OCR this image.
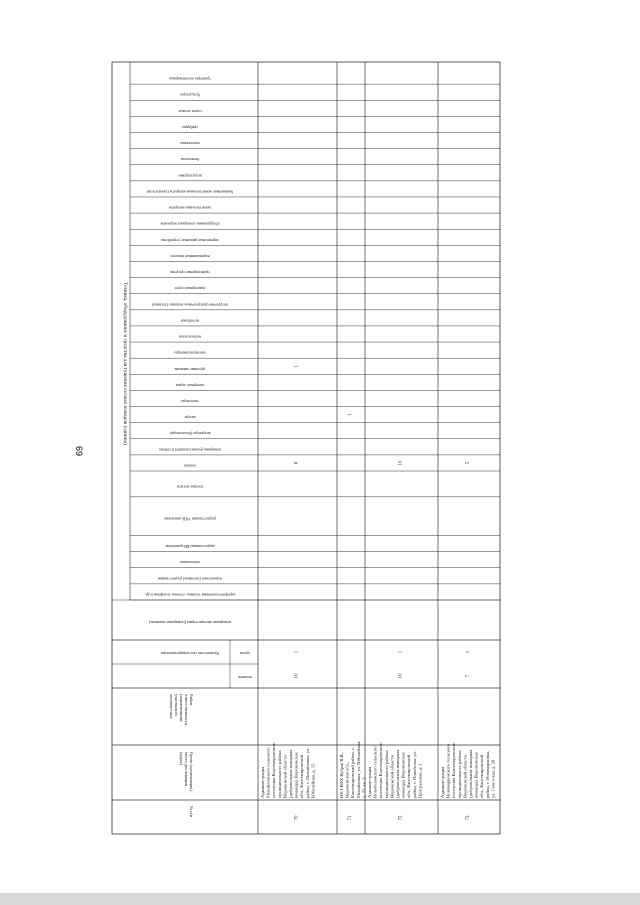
69
Техника, оборудование и средства для тушения лесных пожаров (единиц)
тракторы лесопожарные
бульдозеры
плуги лесные
грейдеры
мотопомпы
бензопилы
воздуходувки
бензиновые зажигательные аппараты (зажигатели)
зажигательные аппараты
оборудование пожарных водоемов
переносные ранцевые устройства
водоналивные емкости
транспортные средства
тракторные плуги
погрузочно-разгрузочные машины (техника)
мотоблоки
мотокосилки
мотокультиваторы
грузовые машины
моторные лодки
снегоходы
катера
вездеходы (болотоходы)
пожарные рукава (шланги) и стволы
лопаты
топоры-мотыги
радиостанции УКВ-диапазона
радиостанции КВ-диапазона
мотопомпы
переносные (носимые) радиостанции
аэрофотосъемочная техника, сотовые телефоны и др.
пожарные автоцистерны (пожарные машины)
Количество сил пожаротушения	групп
человек
Район
ответственности
(наименование
участкового
лесничества)
Орган (организация),
место дислокации
(адрес)
№ п/п
70
Администрация Михайловского сельского поселения Кантемировского муниципального района Воронежской области (добровольная пожарная команда), Воронежская обл., Кантемировский район, с. Михайловка, ул. Юбилейная, д. 15
10
1
1
6
71
ИП ГКФХ Кубрак В.В., Воронежская обл., Кантемировский район, с. Михайловка, ул. Юбилейная, д. 27, кв. 2
1
72
Администрация Новобелянского сельского поселения Кантемировского муниципального района Воронежской области (добровольная пожарная команда), Воронежская обл., Кантемировский район, с. Новобелая, ул. Центральная, д. 1
10
1
10
73
Администрация Новомарковского сельского поселения Кантемировского муниципального района Воронежской области (добровольная пожарная команда), Воронежская обл., Кантемировский район, с. Новомарковка, ул. Советская, д. 28
7
1
5
